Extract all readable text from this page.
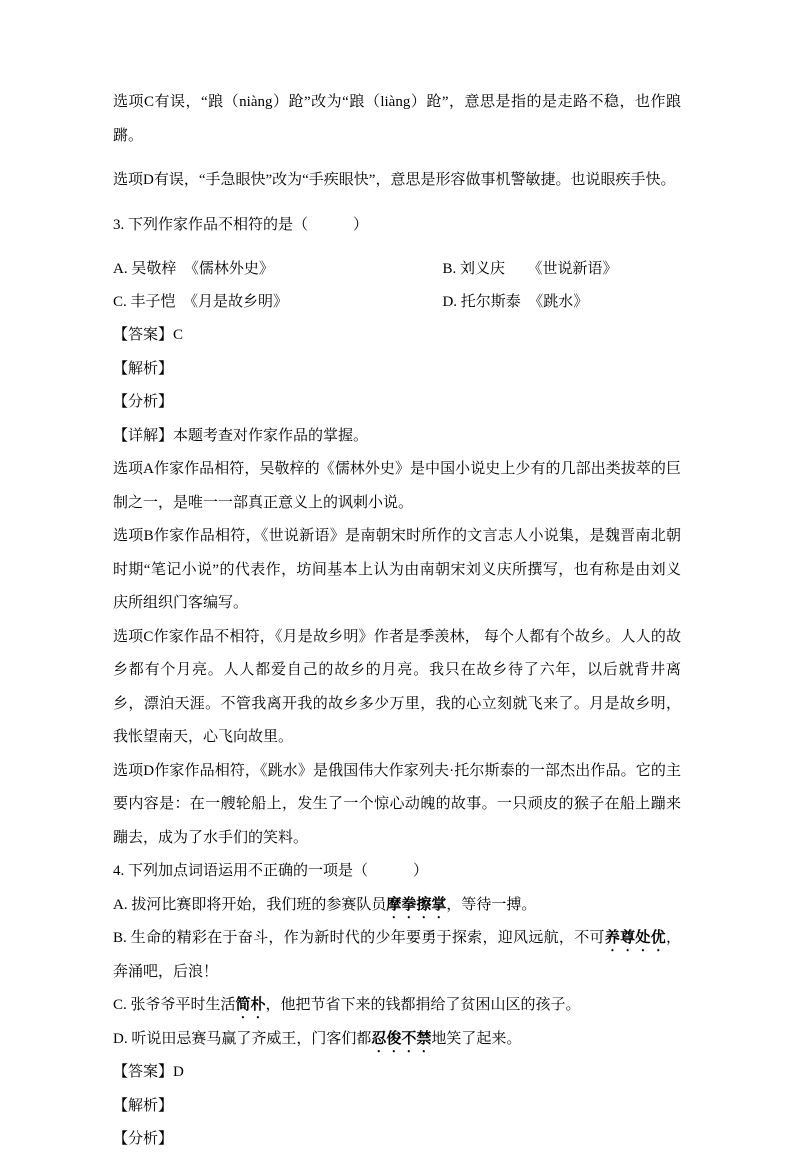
选项C有误，“踉（niàng）跄”改为“踉（liàng）跄”，意思是指的是走路不稳，也作踉蹡。

选项D有误，“手急眼快”改为“手疾眼快”，意思是形容做事机警敏捷。也说眼疾手快。

3. 下列作家作品不相符的是（　　　）

A. 吴敬梓　《儒林外史》	B. 刘义庆　　《世说新语》
C. 丰子恺　《月是故乡明》	D. 托尔斯泰　《跳水》

【答案】C

【解析】

【分析】

【详解】本题考查对作家作品的掌握。

选项A作家作品相符，吴敬梓的《儒林外史》是中国小说史上少有的几部出类拔萃的巨制之一，是唯一一部真正意义上的讽刺小说。

选项B作家作品相符，《世说新语》是南朝宋时所作的文言志人小说集，是魏晋南北朝时期“笔记小说”的代表作，坊间基本上认为由南朝宋刘义庆所撰写，也有称是由刘义庆所组织门客编写。

选项C作家作品不相符，《月是故乡明》作者是季羡林， 每个人都有个故乡。人人的故乡都有个月亮。人人都爱自己的故乡的月亮。我只在故乡待了六年，以后就背井离乡，漂泊天涯。不管我离开我的故乡多少万里，我的心立刻就飞来了。月是故乡明，我怅望南天，心飞向故里。

选项D作家作品相符，《跳水》是俄国伟大作家列夫·托尔斯泰的一部杰出作品。它的主要内容是：在一艘轮船上，发生了一个惊心动魄的故事。一只顽皮的猴子在船上蹦来蹦去，成为了水手们的笑料。

4. 下列加点词语运用不正确的一项是（　　　）

A. 拔河比赛即将开始，我们班的参赛队员摩拳擦掌，等待一搏。

B. 生命的精彩在于奋斗，作为新时代的少年要勇于探索，迎风远航，不可养尊处优，奔涌吧，后浪！

C. 张爷爷平时生活简朴，他把节省下来的钱都捐给了贫困山区的孩子。

D. 听说田忌赛马赢了齐威王，门客们都忍俊不禁地笑了起来。

【答案】D

【解析】

【分析】
